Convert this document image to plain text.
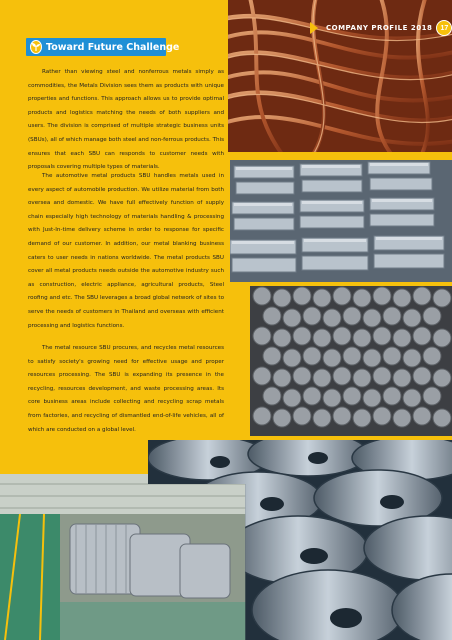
COMPANY PROFILE 2018	17
Toward Future Challenge

Rather than viewing steel and nonferrous metals simply as commodities, the Metals Division sees them as products with unique properties and functions. This approach allows us to provide optimal products and logistics matching the needs of both suppliers and users. The division is comprised of multiple strategic business units (SBUs), all of which manage both steel and non-ferrous products. This ensures that each SBU can responds to customer needs with proposals covering multiple types of materials.

The automotive metal products SBU handles metals used in every aspect of automobile production. We utilize material from both oversea and domestic. We have full effectively function of supply chain especially high technology of materials handling & processing with Just-In-time delivery scheme in order to response for specific demand of our customer. In addition, our metal blanking business caters to user needs in nations worldwide. The metal products SBU cover all metal products needs outside the automotive industry such as construction, electric appliance, agricultural products, Steel roofing and etc. The SBU leverages a broad global network of sites to serve the needs of customers in Thailand and overseas with efficient processing and logistics functions.

The metal resource SBU procures, and recycles metal resources to satisfy society's growing need for effective usage and proper resources processing. The SBU is expanding its presence in the recycling, resources development, and waste processing areas. Its core business areas include collecting and recycling scrap metals from factories, and recycling of dismantled end-of-life vehicles, all of which are conducted on a global level.
